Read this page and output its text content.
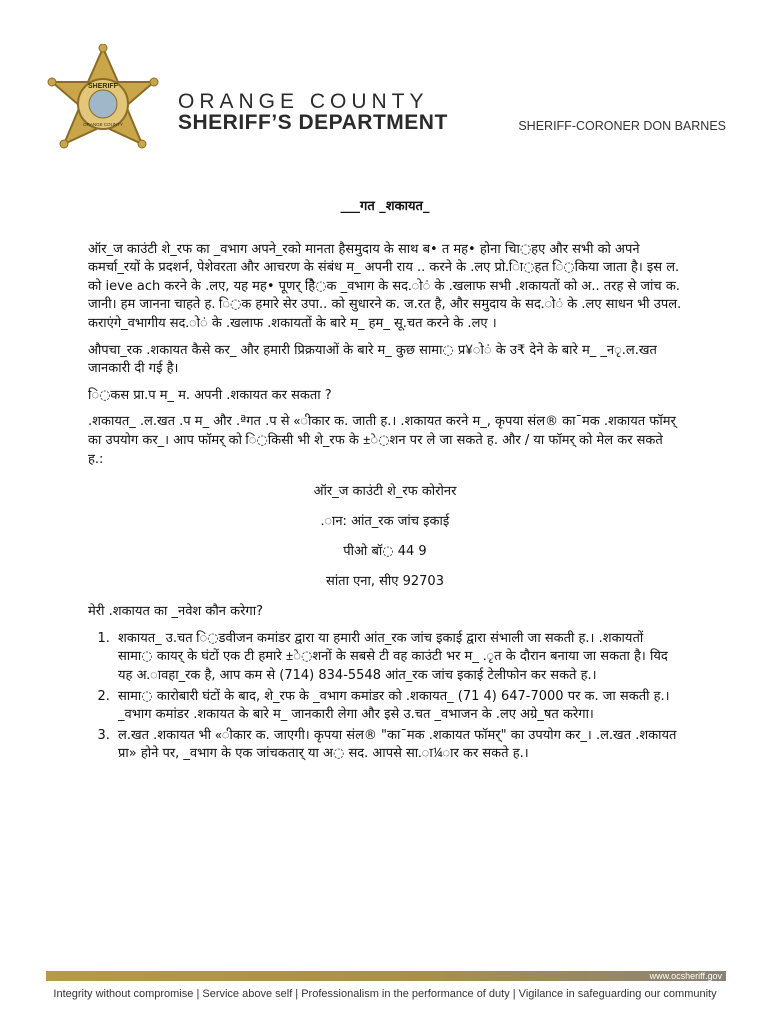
SHERIFF
ORANGE COUNTY
ORANGE COUNTY
SHERIFF’S DEPARTMENT	SHERIFF-CORONER DON BARNES

___गत _शकायत_

ऑर_ज काउंटी शे_रफ का _वभाग अपने_रको मानता हैसमुदाय के साथ ब• त मह• होना चाि◌हए और सभी को अपने कमर्चा_रयों के प्रदशर्न, पेशेवरता और आचरण के संबंध म_ अपनी राय .. करने के .लए प्रो.ाि◌हत ि◌किया जाता है। इस ल. को ieve ach करने के .लए, यह मह• पूणर् हैि◌क _वभाग के सद.ो◌ं के .खलाफ सभी .शकायतों को अ.. तरह से जांच क. जानी। हम जानना चाहते ह. ि◌क हमारे सेर उपा.. को सुधारने क. ज.रत है, और समुदाय के सद.ो◌ं के .लए साधन भी उपल. कराएंगे_वभागीय सद.ो◌ं के .खलाफ .शकायतों के बारे म_ हम_ सू.चत करने के .लए ।

औपचा_रक .शकायत कैसे कर_ और हमारी प्रिक्रयाओं के बारे म_ कुछ सामा◌ प्र¥ो◌ं के उ₹ देने के बारे म_ _न◌ृ.ल.खत जानकारी दी गई है।

ि◌कस प्रा.प म_ म. अपनी .शकायत कर सकता ?

.शकायत_ .ल.खत .प म_ और .ªगत .प से «ीकार क. जाती ह.। .शकायत करने म_, कृपया संल® का¯मक .शकायत फॉमर् का उपयोग कर_। आप फॉमर् को ि◌किसी भी शे_रफ के ±े◌शन पर ले जा सकते ह. और / या फॉमर् को मेल कर सकते ह.:

ऑर_ज काउंटी शे_रफ कोरोनर

.ान: आंत_रक जांच इकाई

पीओ बॉ◌ 44 9

सांता एना, सीए 92703

मेरी .शकायत का _नवेश कौन करेगा?

1. शकायत_ उ.चत ि◌डवीजन कमांडर द्वारा या हमारी आंत_रक जांच इकाई द्वारा संभाली जा सकती ह.। .शकायतों सामा◌ कायर् के घंटों एक टी हमारे ±े◌शनों के सबसे टी वह काउंटी भर म_ .ृत के दौरान बनाया जा सकता है। यिद यह अ.ावहा_रक है, आप कम से (714) 834-5548 आंत_रक जांच इकाई टेलीफोन कर सकते ह.।
2. सामा◌ कारोबारी घंटों के बाद, शे_रफ के _वभाग कमांडर को .शकायत_ (71 4) 647-7000 पर क. जा सकती ह.। _वभाग कमांडर .शकायत के बारे म_ जानकारी लेगा और इसे उ.चत _वभाजन के .लए अग्रे_षत करेगा।
3. ल.खत .शकायत भी «ीकार क. जाएगी। कृपया संल® "का¯मक .शकायत फॉमर्" का उपयोग कर_। .ल.खत .शकायत प्रा» होने पर, _वभाग के एक जांचकतार् या अ◌ सद. आपसे सा.ा¼ार कर सकते ह.।
www.ocsheriff.gov
Integrity without compromise | Service above self | Professionalism in the performance of duty | Vigilance in safeguarding our community
